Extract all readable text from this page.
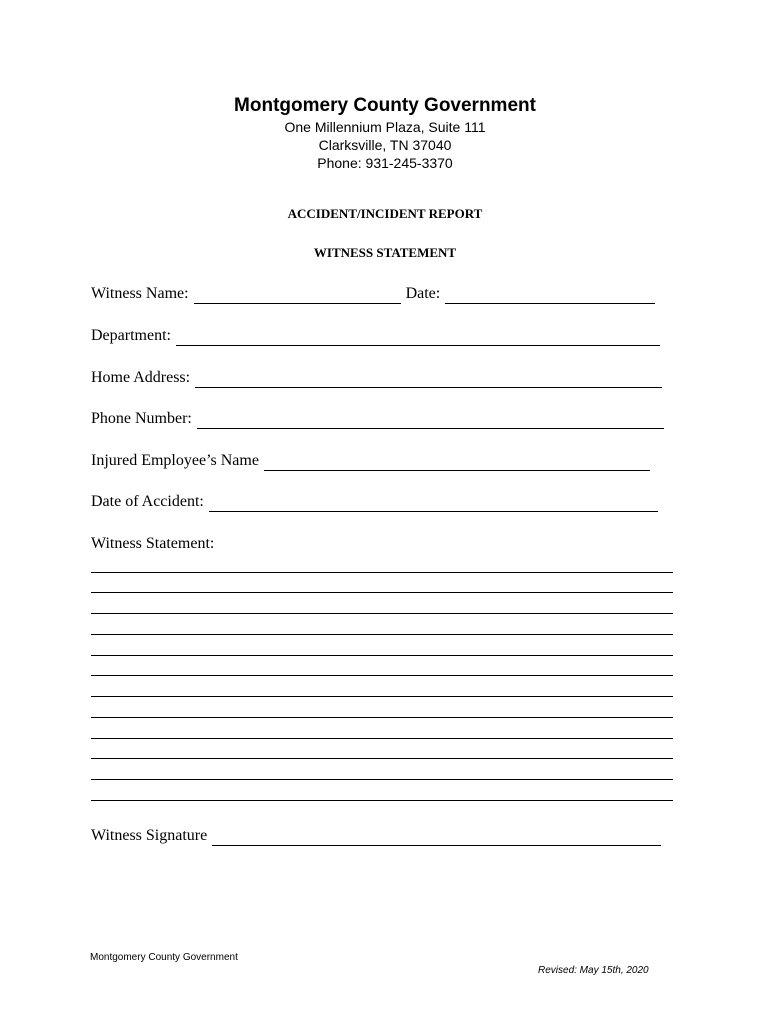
Montgomery County Government

One Millennium Plaza, Suite 111

Clarksville, TN 37040

Phone: 931-245-3370

ACCIDENT/INCIDENT REPORT
WITNESS STATEMENT
Witness Name:	Date:
Department:
Home Address:
Phone Number:
Injured Employee’s Name
Date of Accident:
Witness Statement:
Witness Signature
Montgomery County Government
Revised: May 15th, 2020
